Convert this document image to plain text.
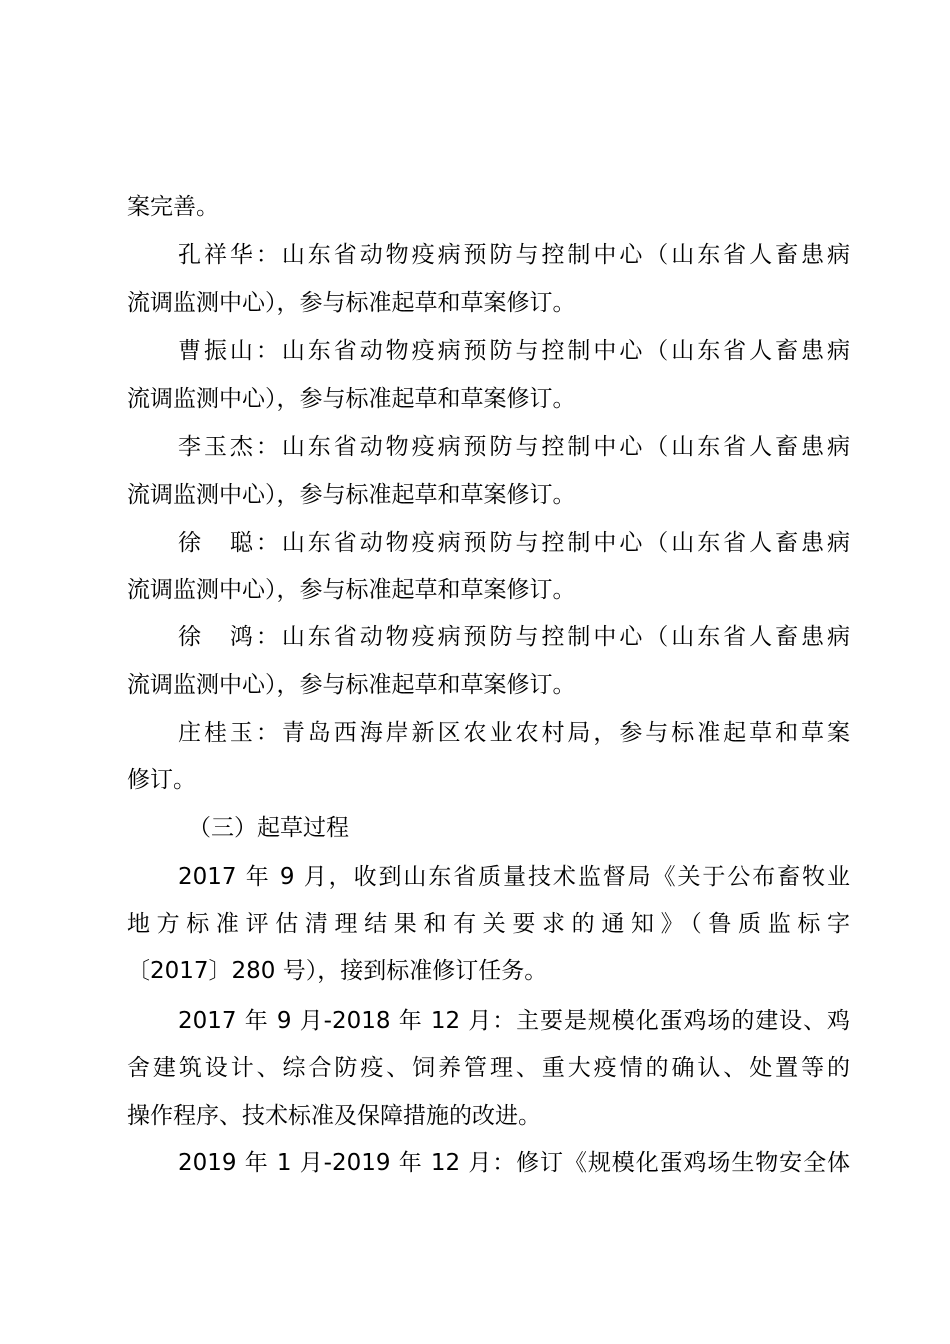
案完善。
孔祥华：山东省动物疫病预防与控制中心（山东省人畜患病
流调监测中心），参与标准起草和草案修订。
曹振山：山东省动物疫病预防与控制中心（山东省人畜患病
流调监测中心），参与标准起草和草案修订。
李玉杰：山东省动物疫病预防与控制中心（山东省人畜患病
流调监测中心），参与标准起草和草案修订。
徐　聪：山东省动物疫病预防与控制中心（山东省人畜患病
流调监测中心），参与标准起草和草案修订。
徐　鸿：山东省动物疫病预防与控制中心（山东省人畜患病
流调监测中心），参与标准起草和草案修订。
庄桂玉：青岛西海岸新区农业农村局，参与标准起草和草案
修订。
（三）起草过程
2017 年 9 月，收到山东省质量技术监督局《关于公布畜牧业
地方标准评估清理结果和有关要求的通知》（鲁质监标字
〔2017〕280 号），接到标准修订任务。
2017 年 9 月-2018 年 12 月：主要是规模化蛋鸡场的建设、鸡
舍建筑设计、综合防疫、饲养管理、重大疫情的确认、处置等的
操作程序、技术标准及保障措施的改进。
2019 年 1 月-2019 年 12 月：修订《规模化蛋鸡场生物安全体
